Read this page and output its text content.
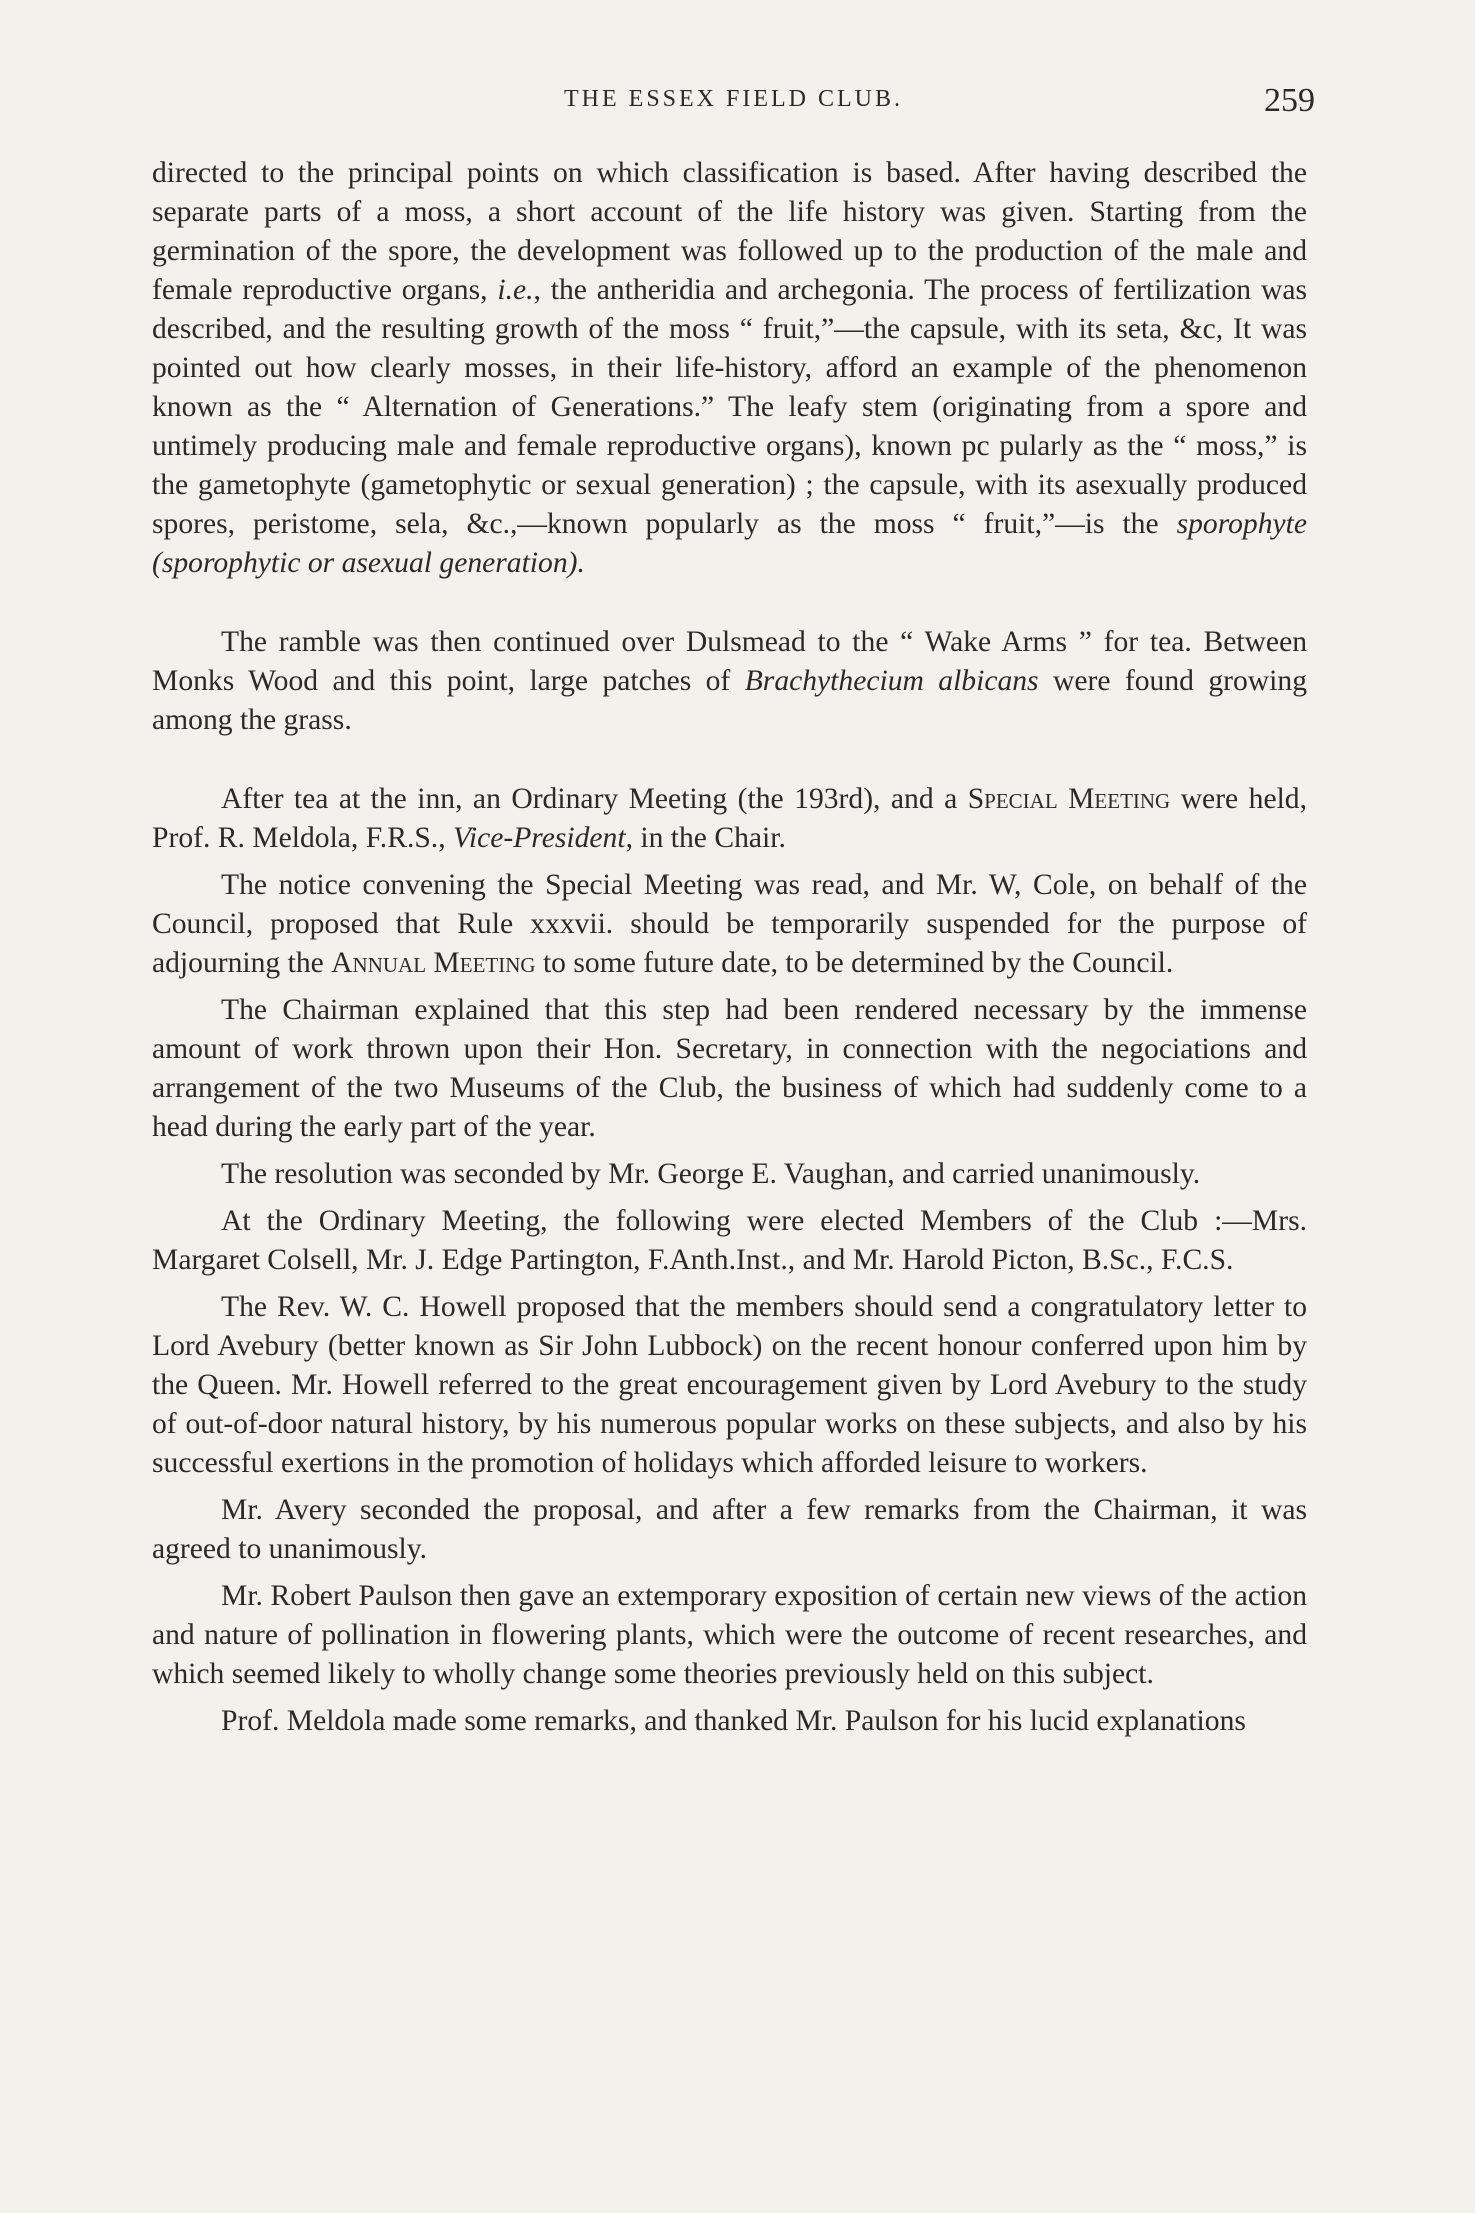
THE ESSEX FIELD CLUB.	259

directed to the principal points on which classification is based. After having described the separate parts of a moss, a short account of the life history was given. Starting from the germination of the spore, the development was followed up to the production of the male and female reproductive organs, i.e., the antheridia and archegonia. The process of fertilization was described, and the resulting growth of the moss “ fruit,”—the capsule, with its seta, &c, It was pointed out how clearly mosses, in their life-history, afford an example of the phenomenon known as the “ Alternation of Generations.” The leafy stem (originating from a spore and untimely producing male and female reproductive organs), known pc pularly as the “ moss,” is the gametophyte (gametophytic or sexual generation) ; the capsule, with its asexually produced spores, peristome, sela, &c.,—known popularly as the moss “ fruit,”—is the sporophyte (sporophytic or asexual generation).

The ramble was then continued over Dulsmead to the “ Wake Arms ” for tea. Between Monks Wood and this point, large patches of Brachythecium albicans were found growing among the grass.

After tea at the inn, an Ordinary Meeting (the 193rd), and a Special Meeting were held, Prof. R. Meldola, F.R.S., Vice-President, in the Chair.

The notice convening the Special Meeting was read, and Mr. W, Cole, on behalf of the Council, proposed that Rule xxxvii. should be temporarily suspended for the purpose of adjourning the Annual Meeting to some future date, to be determined by the Council.

The Chairman explained that this step had been rendered necessary by the immense amount of work thrown upon their Hon. Secretary, in connection with the negociations and arrangement of the two Museums of the Club, the business of which had suddenly come to a head during the early part of the year.

The resolution was seconded by Mr. George E. Vaughan, and carried unanimously.

At the Ordinary Meeting, the following were elected Members of the Club :—Mrs. Margaret Colsell, Mr. J. Edge Partington, F.Anth.Inst., and Mr. Harold Picton, B.Sc., F.C.S.

The Rev. W. C. Howell proposed that the members should send a congratulatory letter to Lord Avebury (better known as Sir John Lubbock) on the recent honour conferred upon him by the Queen. Mr. Howell referred to the great encouragement given by Lord Avebury to the study of out-of-door natural history, by his numerous popular works on these subjects, and also by his successful exertions in the promotion of holidays which afforded leisure to workers.

Mr. Avery seconded the proposal, and after a few remarks from the Chairman, it was agreed to unanimously.

Mr. Robert Paulson then gave an extemporary exposition of certain new views of the action and nature of pollination in flowering plants, which were the outcome of recent researches, and which seemed likely to wholly change some theories previously held on this subject.

Prof. Meldola made some remarks, and thanked Mr. Paulson for his lucid explanations
